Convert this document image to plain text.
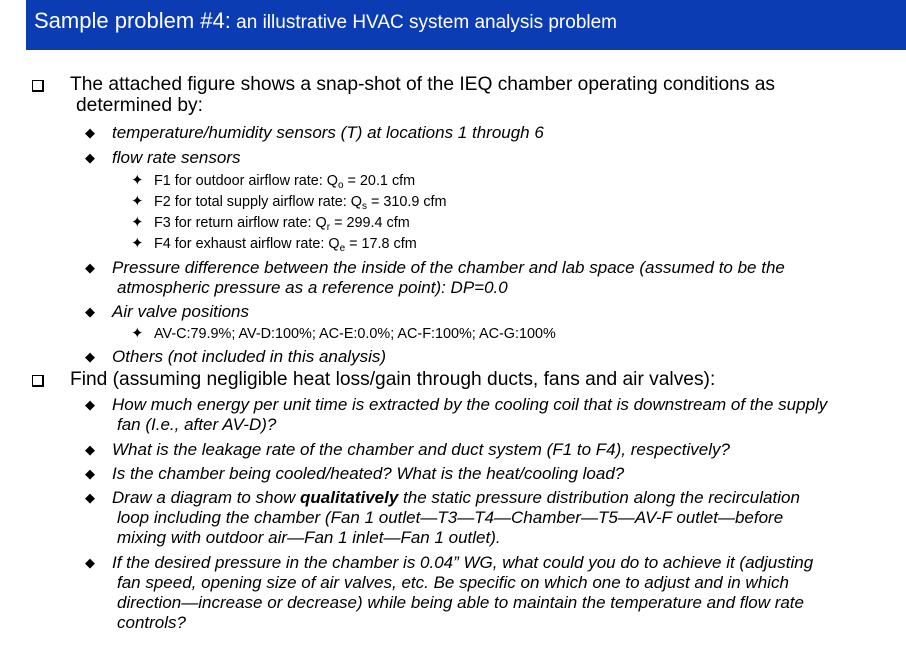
Sample problem #4: an illustrative HVAC system analysis problem
The attached figure shows a snap-shot of the IEQ chamber operating conditions as
determined by:
◆ temperature/humidity sensors (T) at locations 1 through 6
◆ flow rate sensors
✦ F1 for outdoor airflow rate: $Q_o = 20.1$ cfm
✦ F2 for total supply airflow rate: $Q_s = 310.9$ cfm
✦ F3 for return airflow rate: $Q_r = 299.4$ cfm
✦ F4 for exhaust airflow rate: $Q_e = 17.8$ cfm
◆ Pressure difference between the inside of the chamber and lab space (assumed to be the
atmospheric pressure as a reference point): DP=0.0
◆ Air valve positions
✦ AV-C:79.9%; AV-D:100%; AC-E:0.0%; AC-F:100%; AC-G:100%
◆ Others (not included in this analysis)
Find (assuming negligible heat loss/gain through ducts, fans and air valves):
◆ How much energy per unit time is extracted by the cooling coil that is downstream of the supply
fan (I.e., after AV-D)?
◆ What is the leakage rate of the chamber and duct system (F1 to F4), respectively?
◆ Is the chamber being cooled/heated? What is the heat/cooling load?
◆ Draw a diagram to show qualitatively the static pressure distribution along the recirculation
loop including the chamber (Fan 1 outlet—T3—T4—Chamber—T5—AV-F outlet—before
mixing with outdoor air—Fan 1 inlet—Fan 1 outlet).
◆ If the desired pressure in the chamber is 0.04” WG, what could you do to achieve it (adjusting
fan speed, opening size of air valves, etc. Be specific on which one to adjust and in which
direction—increase or decrease) while being able to maintain the temperature and flow rate
controls?
